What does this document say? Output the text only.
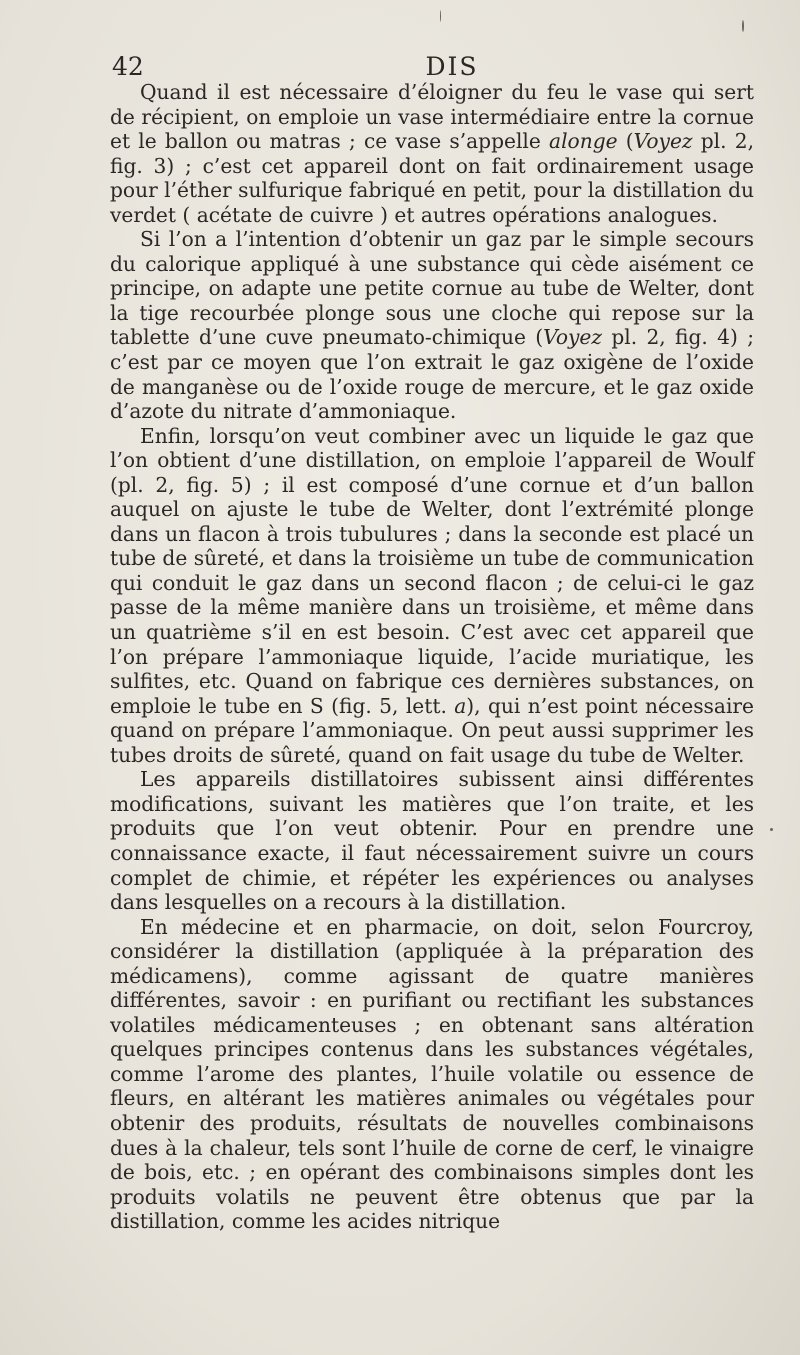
42	DIS

Quand il est nécessaire d’éloigner du feu le vase qui sert de récipient, on emploie un vase intermédiaire entre la cornue et le ballon ou matras ; ce vase s’appelle alonge (Voyez pl. 2, fig. 3) ; c’est cet appareil dont on fait ordinairement usage pour l’éther sulfurique fabriqué en petit, pour la distillation du verdet ( acétate de cuivre ) et autres opérations analogues.

Si l’on a l’intention d’obtenir un gaz par le simple secours du calorique appliqué à une substance qui cède aisément ce principe, on adapte une petite cornue au tube de Welter, dont la tige recourbée plonge sous une cloche qui repose sur la tablette d’une cuve pneumato-chimique (Voyez pl. 2, fig. 4) ; c’est par ce moyen que l’on extrait le gaz oxigène de l’oxide de manganèse ou de l’oxide rouge de mercure, et le gaz oxide d’azote du nitrate d’ammoniaque.

Enfin, lorsqu’on veut combiner avec un liquide le gaz que l’on obtient d’une distillation, on emploie l’appareil de Woulf (pl. 2, fig. 5) ; il est composé d’une cornue et d’un ballon auquel on ajuste le tube de Welter, dont l’extrémité plonge dans un flacon à trois tubulures ; dans la seconde est placé un tube de sûreté, et dans la troisième un tube de communication qui conduit le gaz dans un second flacon ; de celui-ci le gaz passe de la même manière dans un troisième, et même dans un quatrième s’il en est besoin. C’est avec cet appareil que l’on prépare l’ammoniaque liquide, l’acide muriatique, les sulfites, etc. Quand on fabrique ces dernières substances, on emploie le tube en S (fig. 5, lett. a), qui n’est point nécessaire quand on prépare l’ammoniaque. On peut aussi supprimer les tubes droits de sûreté, quand on fait usage du tube de Welter.

Les appareils distillatoires subissent ainsi différentes modifications, suivant les matières que l’on traite, et les produits que l’on veut obtenir. Pour en prendre une connaissance exacte, il faut nécessairement suivre un cours complet de chimie, et répéter les expériences ou analyses dans lesquelles on a recours à la distillation.

En médecine et en pharmacie, on doit, selon Fourcroy, considérer la distillation (appliquée à la préparation des médicamens), comme agissant de quatre manières différentes, savoir : en purifiant ou rectifiant les substances volatiles médicamenteuses ; en obtenant sans altération quelques principes contenus dans les substances végétales, comme l’arome des plantes, l’huile volatile ou essence de fleurs, en altérant les matières animales ou végétales pour obtenir des produits, résultats de nouvelles combinaisons dues à la chaleur, tels sont l’huile de corne de cerf, le vinaigre de bois, etc. ; en opérant des combinaisons simples dont les produits volatils ne peuvent être obtenus que par la distillation, comme les acides nitrique
